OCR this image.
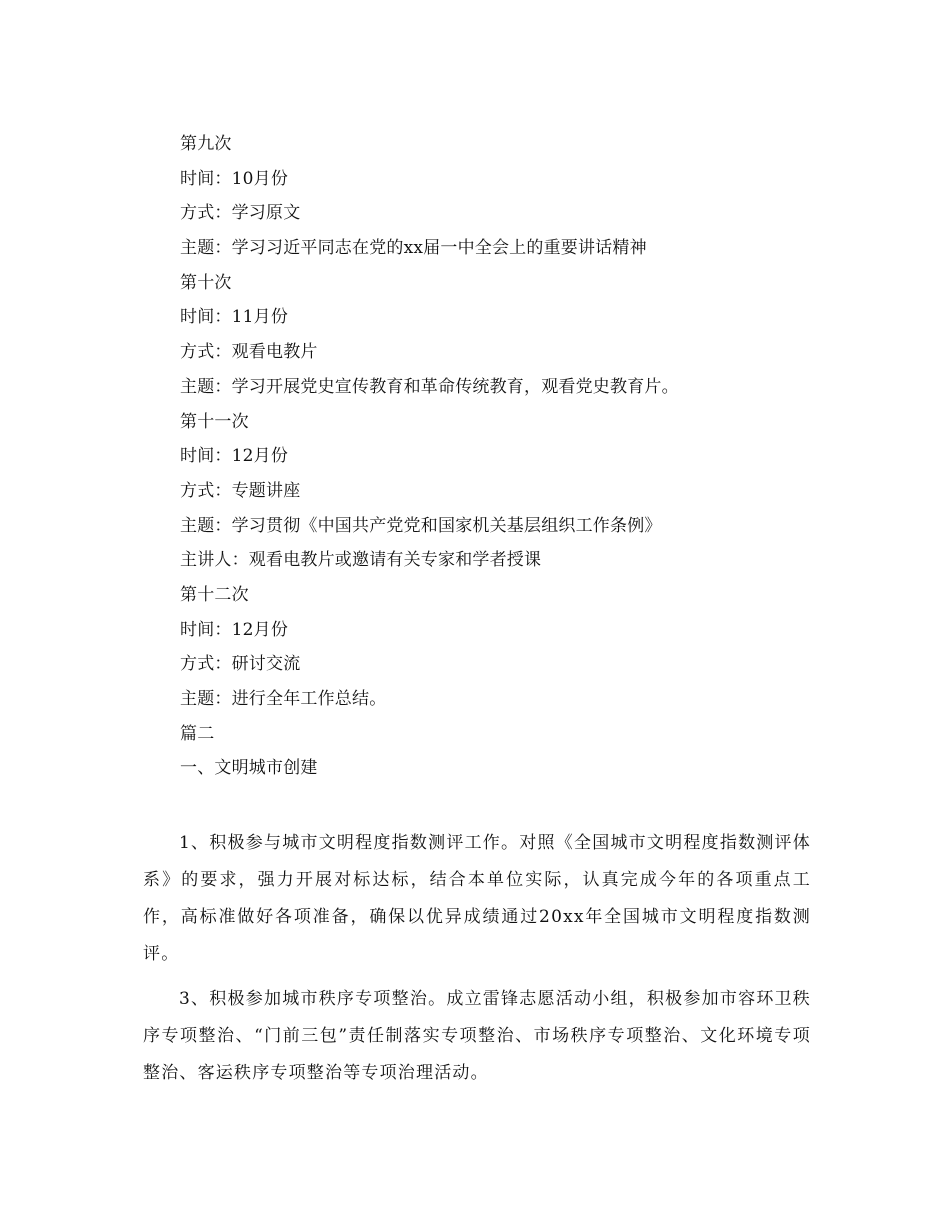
第九次
时间：10月份
方式：学习原文
主题：学习习近平同志在党的xx届一中全会上的重要讲话精神
第十次
时间：11月份
方式：观看电教片
主题：学习开展党史宣传教育和革命传统教育，观看党史教育片。
第十一次
时间：12月份
方式：专题讲座
主题：学习贯彻《中国共产党党和国家机关基层组织工作条例》
主讲人：观看电教片或邀请有关专家和学者授课
第十二次
时间：12月份
方式：研讨交流
主题：进行全年工作总结。
篇二
一、文明城市创建

1、积极参与城市文明程度指数测评工作。对照《全国城市文明程度指数测评体系》的要求，强力开展对标达标，结合本单位实际，认真完成今年的各项重点工作，高标准做好各项准备，确保以优异成绩通过20xx年全国城市文明程度指数测评。

3、积极参加城市秩序专项整治。成立雷锋志愿活动小组，积极参加市容环卫秩序专项整治、“门前三包”责任制落实专项整治、市场秩序专项整治、文化环境专项整治、客运秩序专项整治等专项治理活动。
